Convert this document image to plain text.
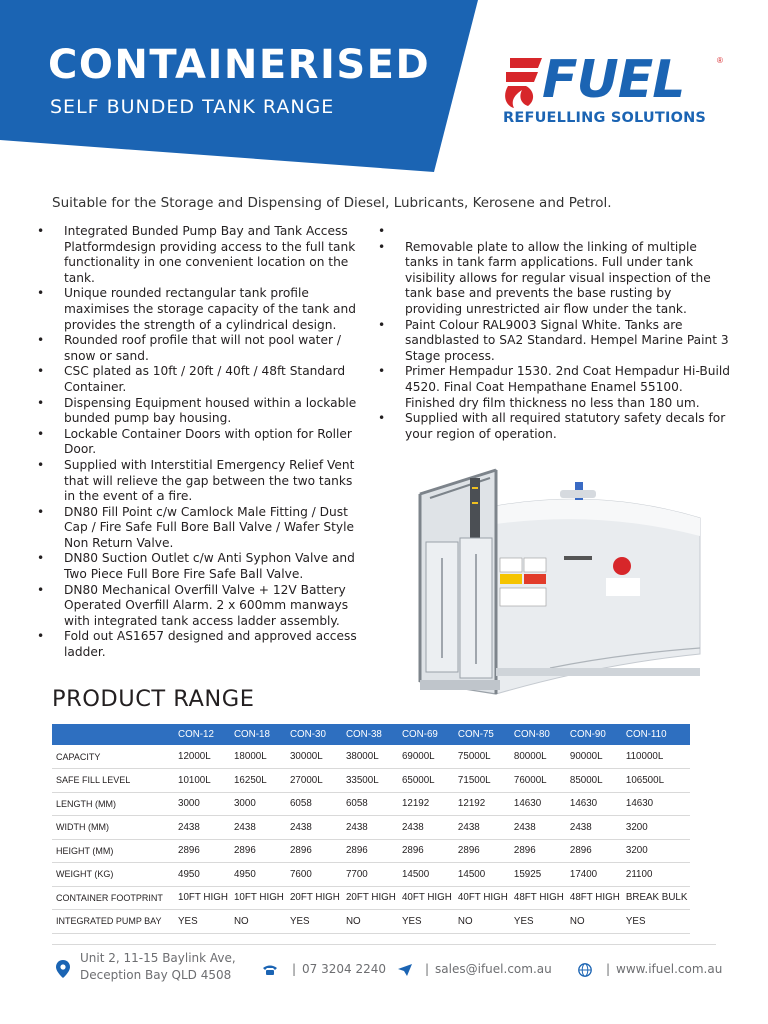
CONTAINERISED
SELF BUNDED TANK RANGE	FUEL	®
REFUELLING SOLUTIONS
Suitable for the Storage and Dispensing of Diesel, Lubricants, Kerosene and Petrol.
• Integrated Bunded Pump Bay and Tank Access Platformdesign providing access to the full tank functionality in one convenient location on the tank.
• Unique rounded rectangular tank profile maximises the storage capacity of the tank and provides the strength of a cylindrical design.
• Rounded roof profile that will not pool water / snow or sand.
• CSC plated as 10ft / 20ft / 40ft / 48ft Standard Container.
• Dispensing Equipment housed within a lockable bunded pump bay housing.
• Lockable Container Doors with option for Roller Door.
• Supplied with Interstitial Emergency Relief Vent that will relieve the gap between the two tanks in the event of a fire.
• DN80 Fill Point c/w Camlock Male Fitting / Dust Cap / Fire Safe Full Bore Ball Valve / Wafer Style Non Return Valve.
• DN80 Suction Outlet c/w Anti Syphon Valve and Two Piece Full Bore Fire Safe Ball Valve.
• DN80 Mechanical Overfill Valve + 12V Battery Operated Overfill Alarm. 2 x 600mm manways with integrated tank access ladder assembly.
• Fold out AS1657 designed and approved access ladder.
•
• Removable plate to allow the linking of multiple tanks in tank farm applications. Full under tank visibility allows for regular visual inspection of the tank base and prevents the base rusting by providing unrestricted air flow under the tank.
• Paint Colour RAL9003 Signal White. Tanks are sandblasted to SA2 Standard. Hempel Marine Paint 3 Stage process.
• Primer Hempadur 1530. 2nd Coat Hempadur Hi-Build 4520. Final Coat Hempathane Enamel 55100. Finished dry film thickness no less than 180 um.
• Supplied with all required statutory safety decals for your region of operation.
PRODUCT RANGE
	CON-12	CON-18	CON-30	CON-38	CON-69	CON-75	CON-80	CON-90	CON-110
CAPACITY	12000L	18000L	30000L	38000L	69000L	75000L	80000L	90000L	110000L
SAFE FILL LEVEL	10100L	16250L	27000L	33500L	65000L	71500L	76000L	85000L	106500L
LENGTH (MM)	3000	3000	6058	6058	12192	12192	14630	14630	14630
WIDTH (MM)	2438	2438	2438	2438	2438	2438	2438	2438	3200
HEIGHT (MM)	2896	2896	2896	2896	2896	2896	2896	2896	3200
WEIGHT (KG)	4950	4950	7600	7700	14500	14500	15925	17400	21100
CONTAINER FOOTPRINT	10FT HIGH	10FT HIGH	20FT HIGH	20FT HIGH	40FT HIGH	40FT HIGH	48FT HIGH	48FT HIGH	BREAK BULK
INTEGRATED PUMP BAY	YES	NO	YES	NO	YES	NO	YES	NO	YES
Unit 2, 11-15 Baylink Ave,
Deception Bay QLD 4508	| 07 3204 2240	| sales@ifuel.com.au	| www.ifuel.com.au
